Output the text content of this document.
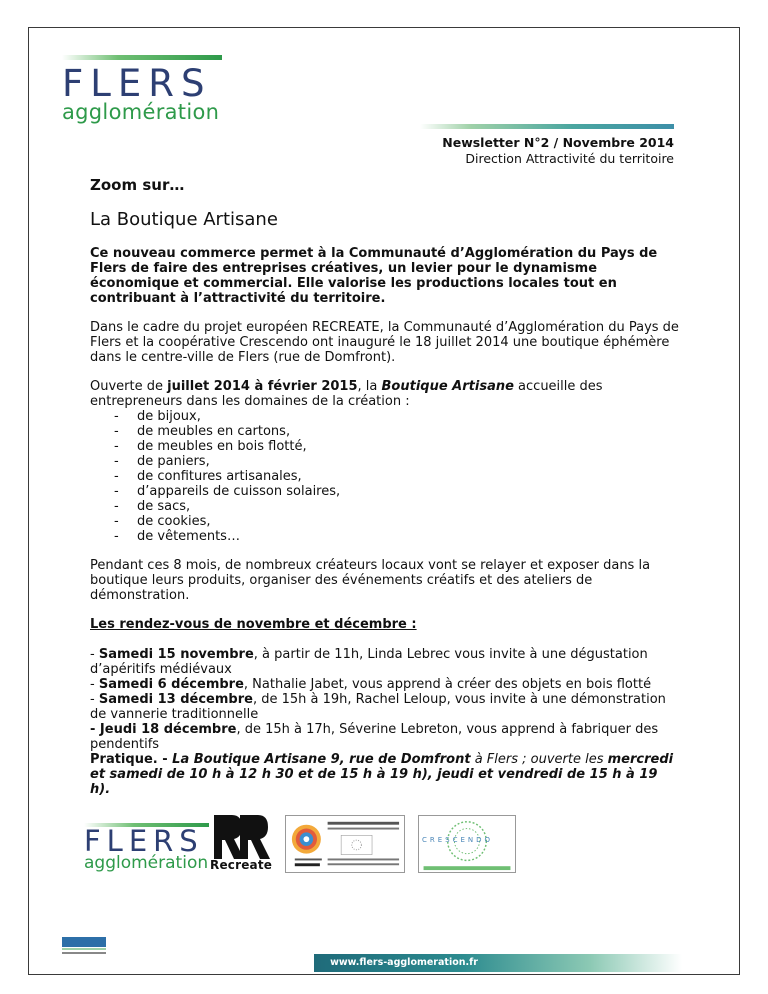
FLERS
agglomération
Newsletter N°2 / Novembre 2014
Direction Attractivité du territoire
Zoom sur…
La Boutique Artisane

Ce nouveau commerce permet à la Communauté d’Agglomération du Pays de Flers de faire des entreprises créatives, un levier pour le dynamisme économique et commercial. Elle valorise les productions locales tout en contribuant à l’attractivité du territoire.

Dans le cadre du projet européen RECREATE, la Communauté d’Agglomération du Pays de Flers et la coopérative Crescendo ont inauguré le 18 juillet 2014 une boutique éphémère dans le centre-ville de Flers (rue de Domfront).

Ouverte de juillet 2014 à février 2015, la Boutique Artisane accueille des entrepreneurs dans les domaines de la création :

- de bijoux,
- de meubles en cartons,
- de meubles en bois flotté,
- de paniers,
- de confitures artisanales,
- d’appareils de cuisson solaires,
- de sacs,
- de cookies,
- de vêtements…

Pendant ces 8 mois, de nombreux créateurs locaux vont se relayer et exposer dans la boutique leurs produits, organiser des événements créatifs et des ateliers de démonstration.

Les rendez-vous de novembre et décembre :

- Samedi 15 novembre, à partir de 11h, Linda Lebrec vous invite à une dégustation d’apéritifs médiévaux

- Samedi 6 décembre, Nathalie Jabet, vous apprend à créer des objets en bois flotté

- Samedi 13 décembre, de 15h à 19h, Rachel Leloup, vous invite à une démonstration de vannerie traditionnelle

- Jeudi 18 décembre, de 15h à 17h, Séverine Lebreton, vous apprend à fabriquer des pendentifs

Pratique. - La Boutique Artisane 9, rue de Domfront à Flers ; ouverte les mercredi et samedi de 10 h à 12 h 30 et de 15 h à 19 h), jeudi et vendredi de 15 h à 19 h).

FLERS
agglomération Recreate
CRESCENDO
www.flers-agglomeration.fr
